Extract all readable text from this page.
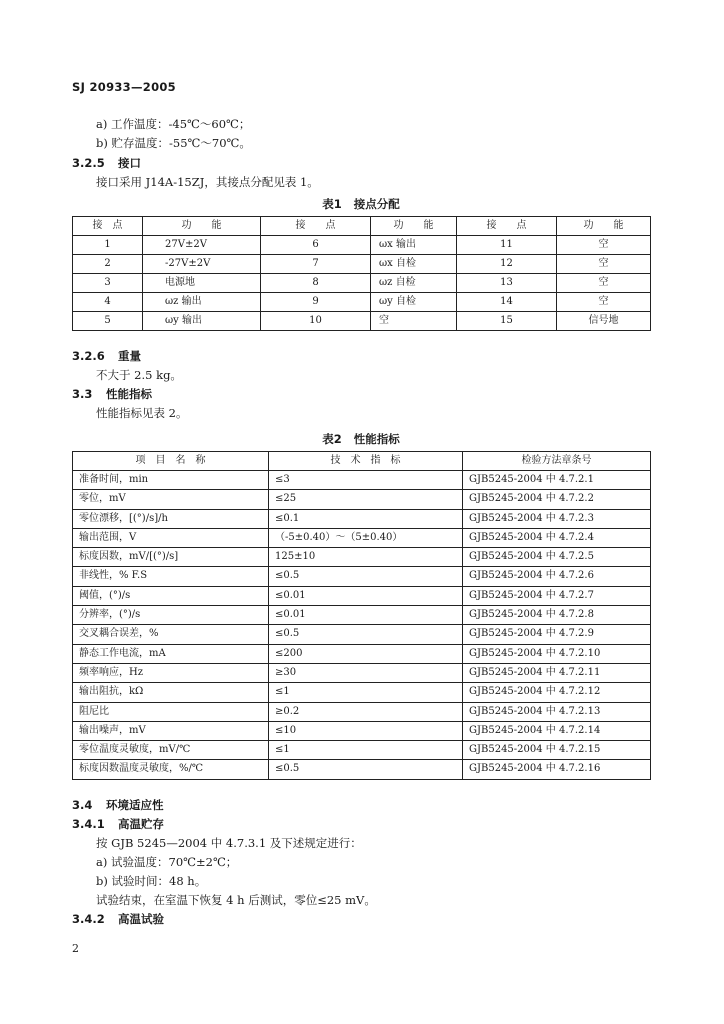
SJ 20933—2005
a) 工作温度：-45℃～60℃；
b) 贮存温度：-55℃～70℃。
3.2.5 接口
接口采用 J14A-15ZJ，其接点分配见表 1。
表1 接点分配
接　点	功　　能	接　　点	功　　能	接　　点	功　　能
1	27V±2V	6	ωx 输出	11	空
2	-27V±2V	7	ωx 自检	12	空
3	电源地	8	ωz 自检	13	空
4	ωz 输出	9	ωy 自检	14	空
5	ωy 输出	10	空	15	信号地
3.2.6 重量
不大于 2.5 kg。
3.3 性能指标
性能指标见表 2。
表2 性能指标
项　目　名　称	技　术　指　标	检验方法章条号
准备时间，min	≤3	GJB5245-2004 中 4.7.2.1
零位，mV	≤25	GJB5245-2004 中 4.7.2.2
零位漂移，[(°)/s]/h	≤0.1	GJB5245-2004 中 4.7.2.3
输出范围，V	（-5±0.40）～（5±0.40）	GJB5245-2004 中 4.7.2.4
标度因数，mV/[(°)/s]	125±10	GJB5245-2004 中 4.7.2.5
非线性，% F.S	≤0.5	GJB5245-2004 中 4.7.2.6
阈值，(°)/s	≤0.01	GJB5245-2004 中 4.7.2.7
分辨率，(°)/s	≤0.01	GJB5245-2004 中 4.7.2.8
交叉耦合误差，%	≤0.5	GJB5245-2004 中 4.7.2.9
静态工作电流，mA	≤200	GJB5245-2004 中 4.7.2.10
频率响应，Hz	≥30	GJB5245-2004 中 4.7.2.11
输出阻抗，kΩ	≤1	GJB5245-2004 中 4.7.2.12
阻尼比	≥0.2	GJB5245-2004 中 4.7.2.13
输出噪声，mV	≤10	GJB5245-2004 中 4.7.2.14
零位温度灵敏度，mV/℃	≤1	GJB5245-2004 中 4.7.2.15
标度因数温度灵敏度，%/℃	≤0.5	GJB5245-2004 中 4.7.2.16
3.4 环境适应性
3.4.1 高温贮存
按 GJB 5245—2004 中 4.7.3.1 及下述规定进行：
a) 试验温度：70℃±2℃；
b) 试验时间：48 h。
试验结束，在室温下恢复 4 h 后测试，零位≤25 mV。
3.4.2 高温试验
2
